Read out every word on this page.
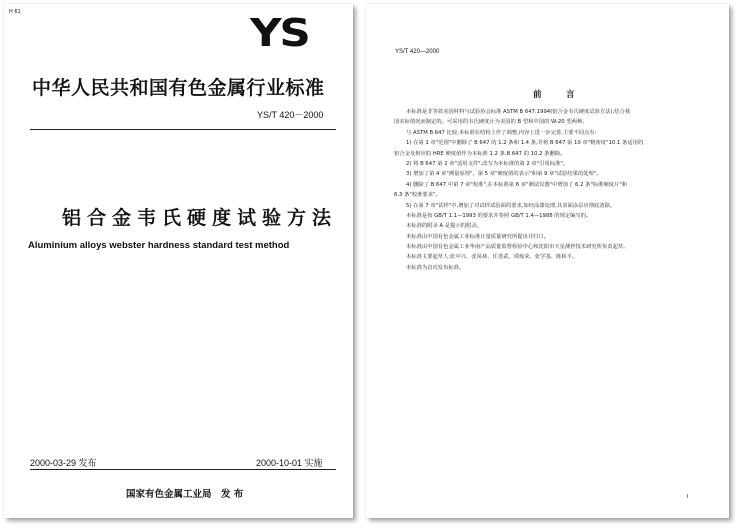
H 61	YS
中华人民共和国有色金属行业标准
YS/T 420－2000
铝合金韦氏硬度试验方法
Aluminium alloys webster hardness standard test method
2000-03-29 发布	2000-10-01 实施
国家有色金属工业局　发 布
YS/T 420—2000
前　言
本标准是非等效美国材料与试验协会标准 ASTM B 647:1994(铝合金韦氏硬度试验方法),结合我
国实际情况而制定的。可采用的韦氏硬度计为美国的 B 型和中国的 W-20 型两种。
与 ASTM B 647 比较,本标准在结构上作了调整,内容上进一步完善,主要不同点有:
1) 在第 1 章"范围"中删除了 B 647 的 1.2 条和 1.4 条,并将 B 647 第 10 章"精密度"10.1 条适用的
铝合金及相应的 HRE 硬度值作为本标准 1.2 条,B 647 的 10.2 条删除。
2) 将 B 647 第 2 章"适用文件",改写为本标准的第 2 章"引用标准"。
3) 增加了第 4 章"测量原理"、第 5 章"硬度值的表示"和第 9 章"试验结果的处理"。
4) 删除了 B 647 中第 7 章"校准",在本标准第 6 章"测试仪器"中增加了 6.2 条"标准硬度片"和
6.3 条"校准要求"。
5) 在第 7 章"试样"中,增加了对试样试验面的要求,如经涂漆处理,其表面涂层应彻底清除。
本标准是按 GB/T 1.1—1993 的要求并参照 GB/T 1.4—1988 的规定编写的。
本标准的附录 A 是提示的附录。
本标准由中国有色金属工业标准计量质量研究所提出并归口。
本标准由中国有色金属工业华南产品质量监督检验中心和沈阳市天星测控技术研究所负责起草。
本标准主要起草人:张中兴、张凤林、任善武、谭灿荣、张学基、陈和平。
本标准为首次发布标准。
I
